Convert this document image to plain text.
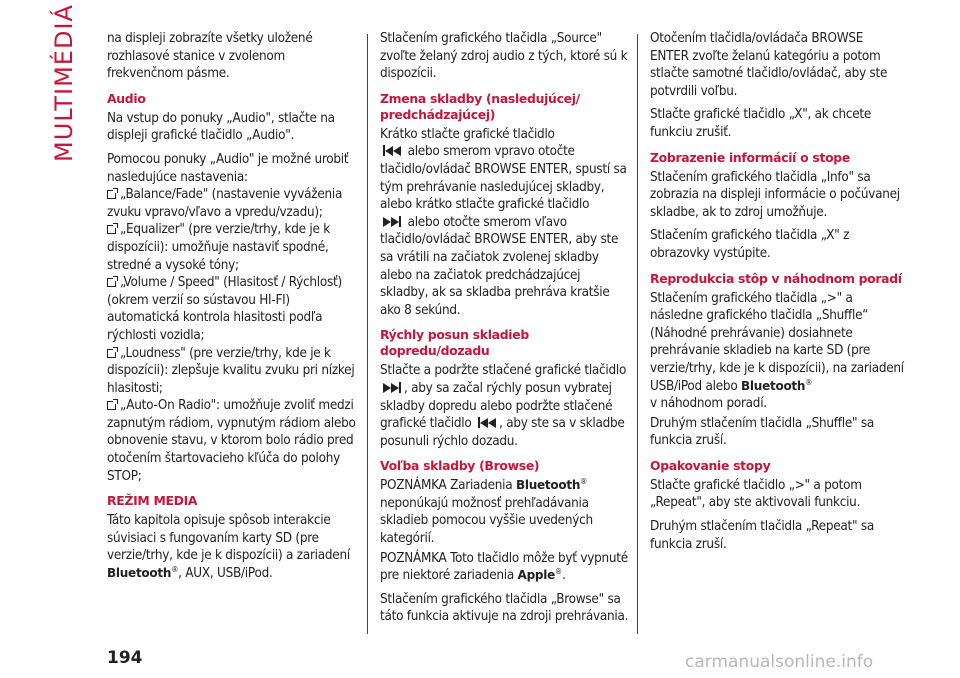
MULTIMÉDIÁ na displeji zobrazíte všetky uložené rozhlasové stanice v zvolenom frekvenčnom pásme.

Audio

Na vstup do ponuky „Audio", stlačte na displeji grafické tlačidlo „Audio".

Pomocou ponuky „Audio" je možné urobiť nasledujúce nastavenia:

„Balance/Fade" (nastavenie vyváženia zvuku vpravo/vľavo a vpredu/vzadu);

„Equalizer" (pre verzie/trhy, kde je k dispozícii): umožňuje nastaviť spodné, stredné a vysoké tóny;

„Volume / Speed" (Hlasitosť / Rýchlosť) (okrem verzií so sústavou HI-FI) automatická kontrola hlasitosti podľa rýchlosti vozidla;

„Loudness" (pre verzie/trhy, kde je k dispozícii): zlepšuje kvalitu zvuku pri nízkej hlasitosti;

„Auto-On Radio": umožňuje zvoliť medzi zapnutým rádiom, vypnutým rádiom alebo obnovenie stavu, v ktorom bolo rádio pred otočením štartovacieho kľúča do polohy STOP;

REŽIM MEDIA

Táto kapitola opisuje spôsob interakcie súvisiaci s fungovaním karty SD (pre verzie/trhy, kde je k dispozícii) a zariadení Bluetooth®, AUX, USB/iPod.

Stlačením grafického tlačidla „Source" zvoľte želaný zdroj audio z tých, ktoré sú k dispozícii.

Zmena skladby (nasledujúcej/ predchádzajúcej)

Krátko stlačte grafické tlačidlo

alebo smerom vpravo otočte tlačidlo/ovládač BROWSE ENTER, spustí sa tým prehrávanie nasledujúcej skladby, alebo krátko stlačte grafické tlačidlo

alebo otočte smerom vľavo tlačidlo/ovládač BROWSE ENTER, aby ste sa vrátili na začiatok zvolenej skladby alebo na začiatok predchádzajúcej skladby, ak sa skladba prehráva kratšie ako 8 sekúnd.

Rýchly posun skladieb dopredu/dozadu

Stlačte a podržte stlačené grafické tlačidlo
, aby sa začal rýchly posun vybratej skladby dopredu alebo podržte stlačené grafické tlačidlo , aby ste sa v skladbe posunuli rýchlo dozadu.

Voľba skladby (Browse)

POZNÁMKA Zariadenia Bluetooth® neponúkajú možnosť prehľadávania skladieb pomocou vyššie uvedených kategórií.

POZNÁMKA Toto tlačidlo môže byť vypnuté pre niektoré zariadenia Apple®.

Stlačením grafického tlačidla „Browse" sa táto funkcia aktivuje na zdroji prehrávania.

Otočením tlačidla/ovládača BROWSE ENTER zvoľte želanú kategóriu a potom stlačte samotné tlačidlo/ovládač, aby ste potvrdili voľbu.

Stlačte grafické tlačidlo „X", ak chcete funkciu zrušiť.

Zobrazenie informácií o stope

Stlačením grafického tlačidla „Info" sa zobrazia na displeji informácie o počúvanej skladbe, ak to zdroj umožňuje.

Stlačením grafického tlačidla „X" z obrazovky vystúpite.

Reprodukcia stôp v náhodnom poradí

Stlačením grafického tlačidla „>" a následne grafického tlačidla „Shuffle“ (Náhodné prehrávanie) dosiahnete prehrávanie skladieb na karte SD (pre verzie/trhy, kde je k dispozícii), na zariadení USB/iPod alebo Bluetooth®
v náhodnom poradí.

Druhým stlačením tlačidla „Shuffle" sa funkcia zruší.

Opakovanie stopy

Stlačte grafické tlačidlo „>" a potom „Repeat", aby ste aktivovali funkciu.

Druhým stlačením tlačidla „Repeat" sa funkcia zruší.

194	carmanualsonline.info
